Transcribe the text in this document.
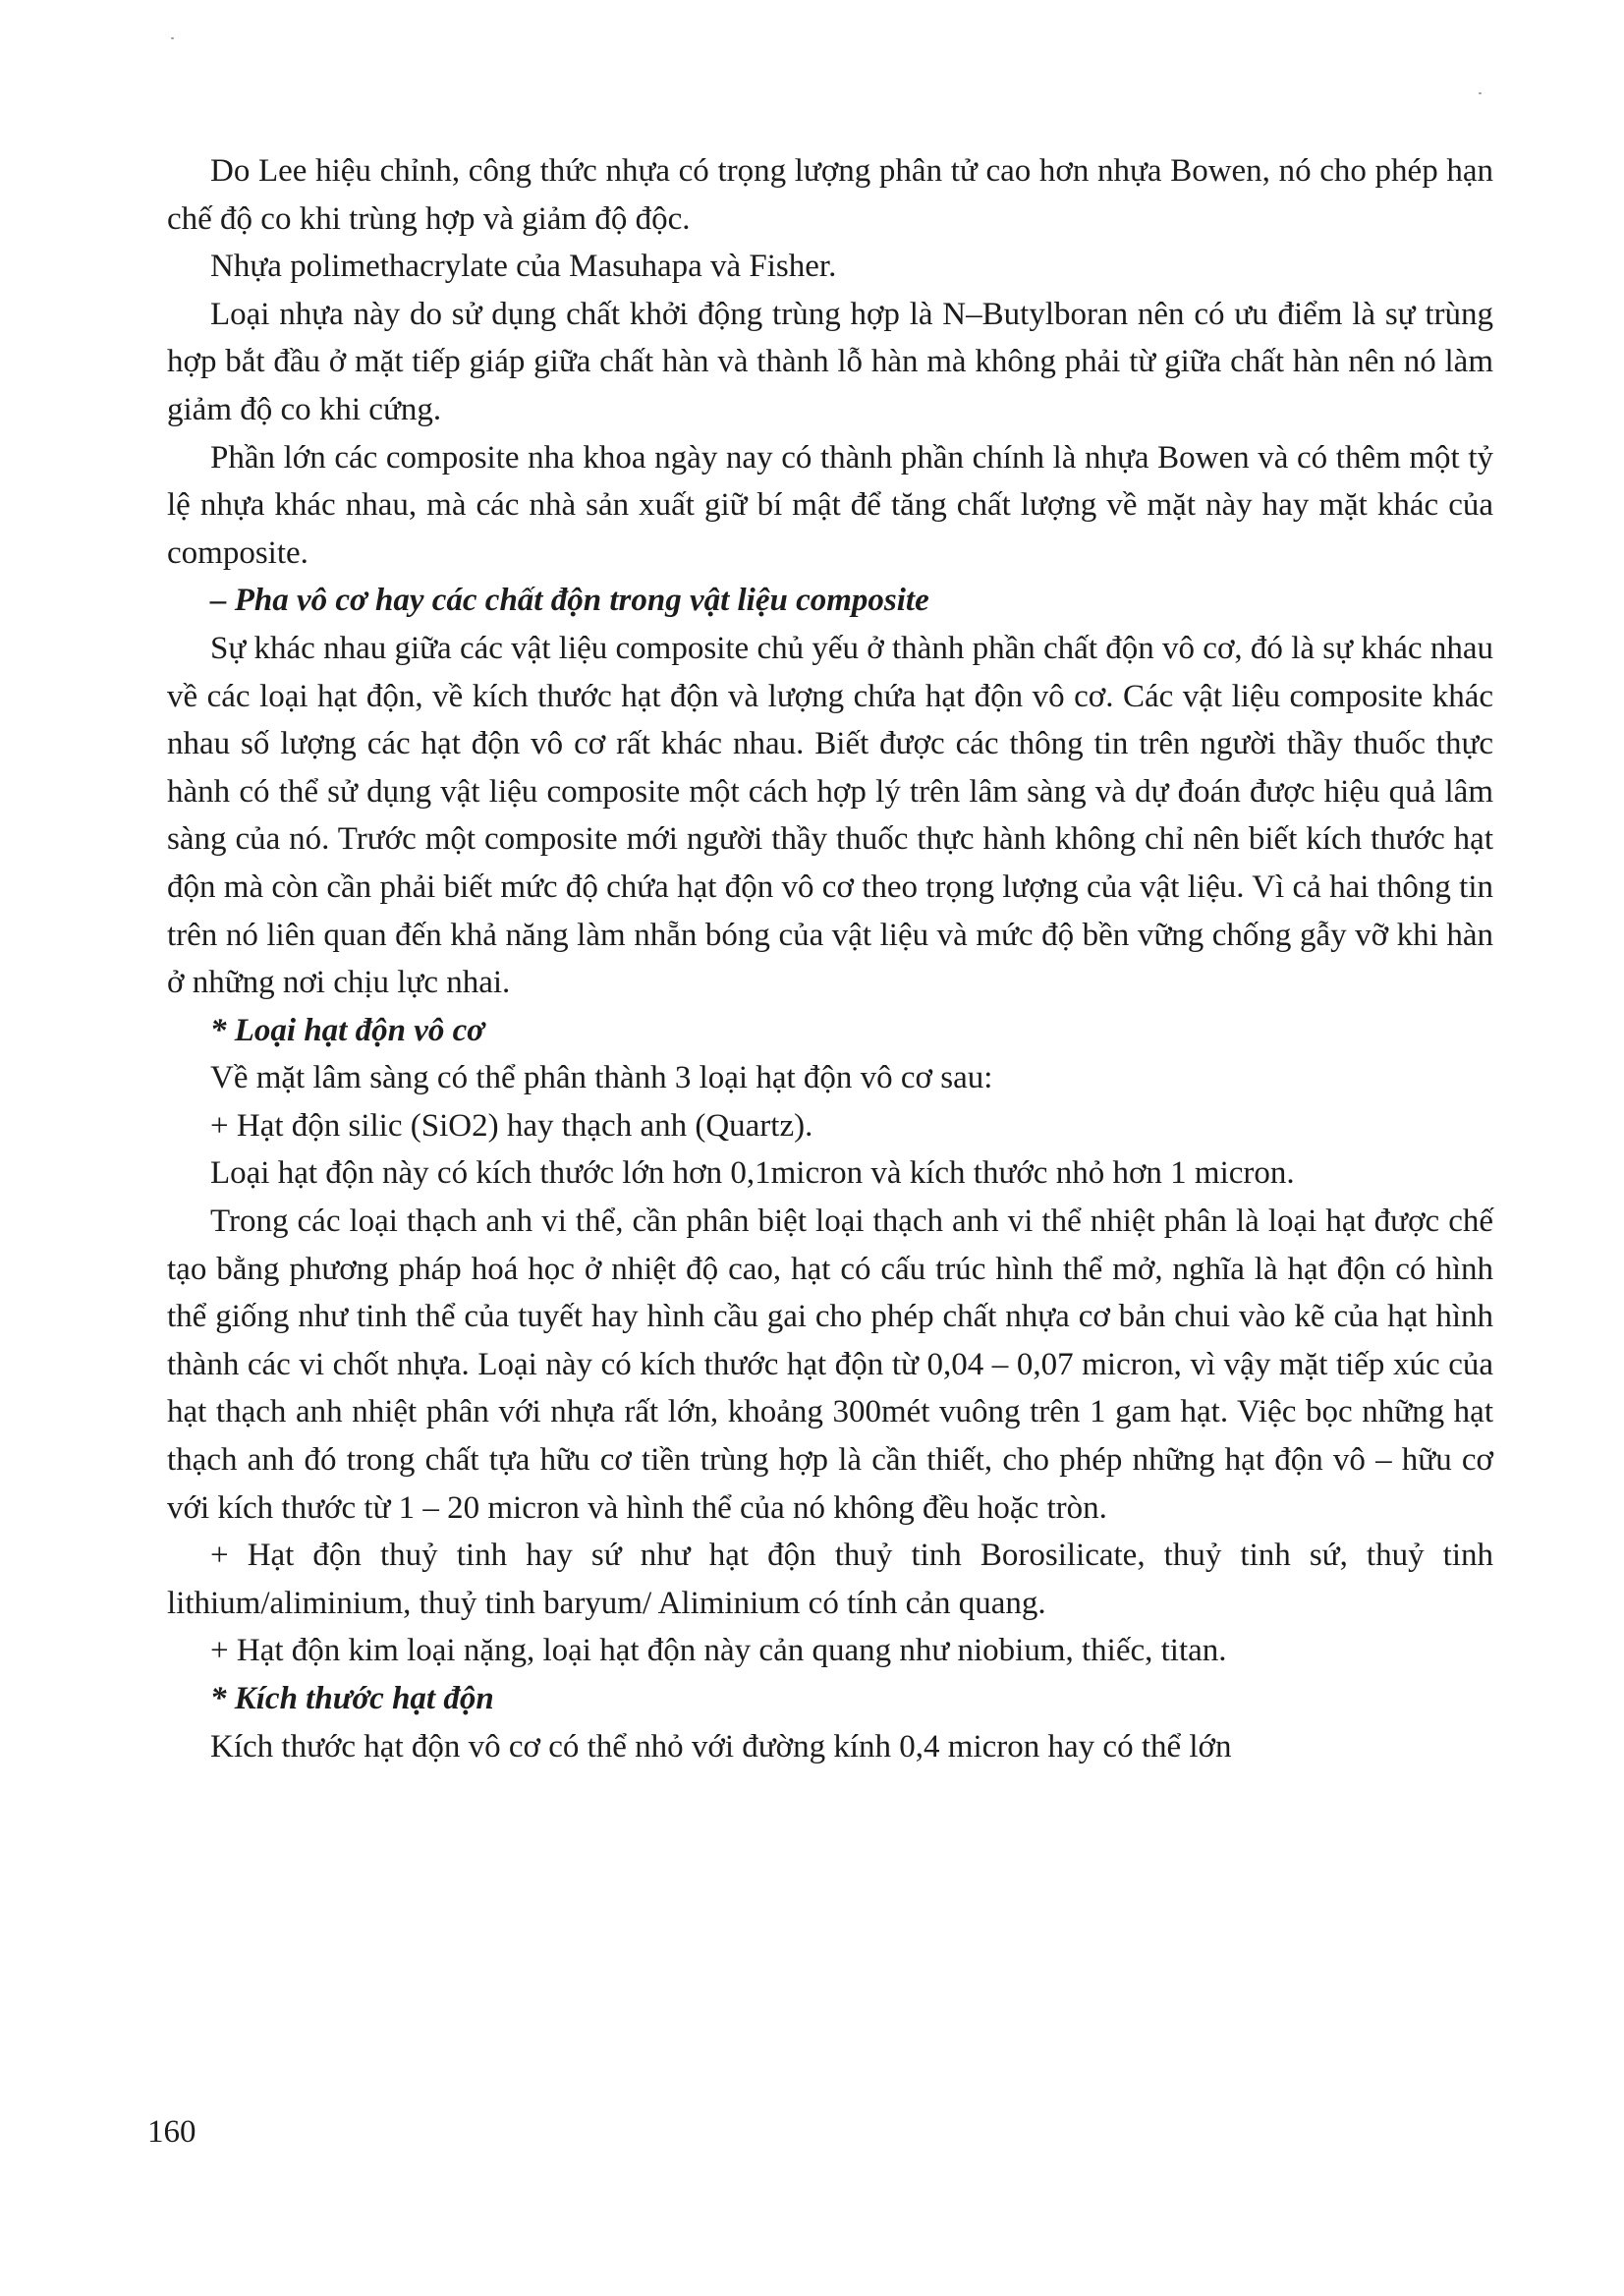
Do Lee hiệu chỉnh, công thức nhựa có trọng lượng phân tử cao hơn nhựa Bowen, nó cho phép hạn chế độ co khi trùng hợp và giảm độ độc.

Nhựa polimethacrylate của Masuhapa và Fisher.

Loại nhựa này do sử dụng chất khởi động trùng hợp là N–Butylboran nên có ưu điểm là sự trùng hợp bắt đầu ở mặt tiếp giáp giữa chất hàn và thành lỗ hàn mà không phải từ giữa chất hàn nên nó làm giảm độ co khi cứng.

Phần lớn các composite nha khoa ngày nay có thành phần chính là nhựa Bowen và có thêm một tỷ lệ nhựa khác nhau, mà các nhà sản xuất giữ bí mật để tăng chất lượng về mặt này hay mặt khác của composite.

– Pha vô cơ hay các chất độn trong vật liệu composite

Sự khác nhau giữa các vật liệu composite chủ yếu ở thành phần chất độn vô cơ, đó là sự khác nhau về các loại hạt độn, về kích thước hạt độn và lượng chứa hạt độn vô cơ. Các vật liệu composite khác nhau số lượng các hạt độn vô cơ rất khác nhau. Biết được các thông tin trên người thầy thuốc thực hành có thể sử dụng vật liệu composite một cách hợp lý trên lâm sàng và dự đoán được hiệu quả lâm sàng của nó. Trước một composite mới người thầy thuốc thực hành không chỉ nên biết kích thước hạt độn mà còn cần phải biết mức độ chứa hạt độn vô cơ theo trọng lượng của vật liệu. Vì cả hai thông tin trên nó liên quan đến khả năng làm nhẵn bóng của vật liệu và mức độ bền vững chống gẫy vỡ khi hàn ở những nơi chịu lực nhai.

* Loại hạt độn vô cơ

Về mặt lâm sàng có thể phân thành 3 loại hạt độn vô cơ sau:

+ Hạt độn silic (SiO2) hay thạch anh (Quartz).

Loại hạt độn này có kích thước lớn hơn 0,1micron và kích thước nhỏ hơn 1 micron.

Trong các loại thạch anh vi thể, cần phân biệt loại thạch anh vi thể nhiệt phân là loại hạt được chế tạo bằng phương pháp hoá học ở nhiệt độ cao, hạt có cấu trúc hình thể mở, nghĩa là hạt độn có hình thể giống như tinh thể của tuyết hay hình cầu gai cho phép chất nhựa cơ bản chui vào kẽ của hạt hình thành các vi chốt nhựa. Loại này có kích thước hạt độn từ 0,04 – 0,07 micron, vì vậy mặt tiếp xúc của hạt thạch anh nhiệt phân với nhựa rất lớn, khoảng 300mét vuông trên 1 gam hạt. Việc bọc những hạt thạch anh đó trong chất tựa hữu cơ tiền trùng hợp là cần thiết, cho phép những hạt độn vô – hữu cơ với kích thước từ 1 – 20 micron và hình thể của nó không đều hoặc tròn.

+ Hạt độn thuỷ tinh hay sứ như hạt độn thuỷ tinh Borosilicate, thuỷ tinh sứ, thuỷ tinh lithium/aliminium, thuỷ tinh baryum/ Aliminium có tính cản quang.

+ Hạt độn kim loại nặng, loại hạt độn này cản quang như niobium, thiếc, titan.

* Kích thước hạt độn

Kích thước hạt độn vô cơ có thể nhỏ với đường kính 0,4 micron hay có thể lớn

160
